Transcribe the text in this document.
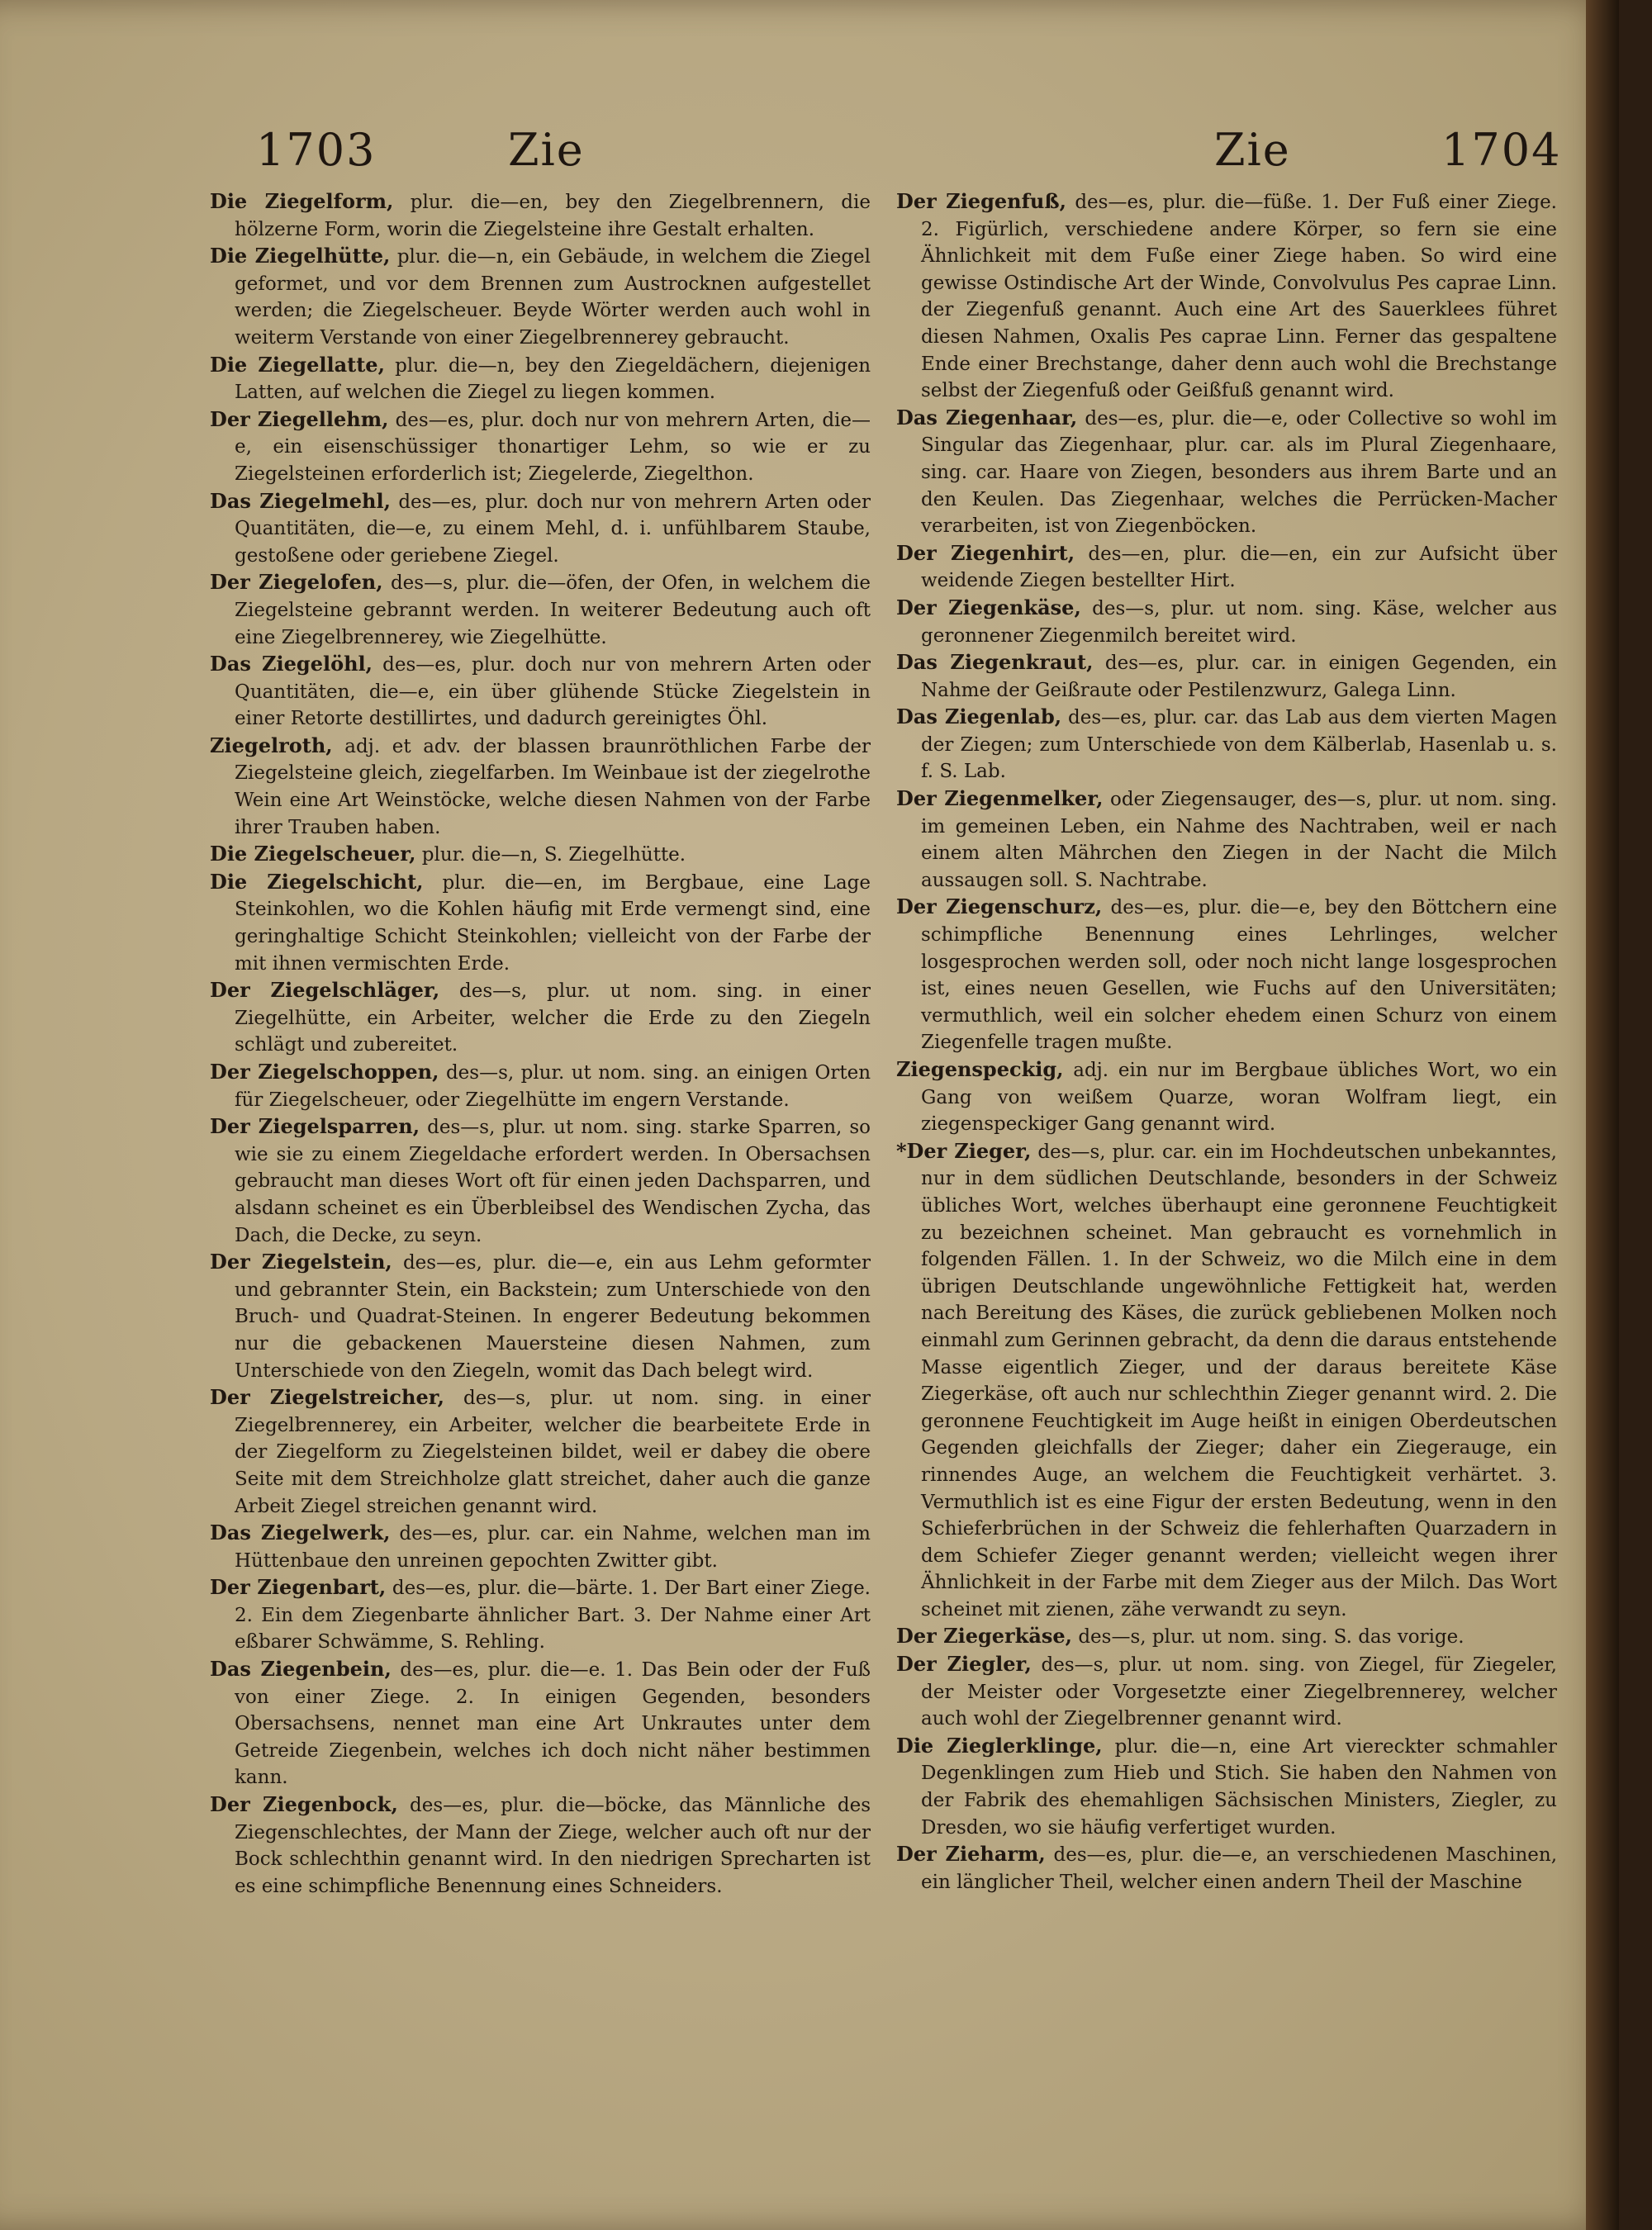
1703	Zie	Zie	1704

Die Ziegelform, plur. die—en, bey den Ziegelbrennern, die hölzerne Form, worin die Ziegelsteine ihre Gestalt erhalten.

Die Ziegelhütte, plur. die—n, ein Gebäude, in welchem die Ziegel geformet, und vor dem Brennen zum Austrocknen aufgestellet werden; die Ziegelscheuer. Beyde Wörter werden auch wohl in weiterm Verstande von einer Ziegelbrennerey gebraucht.

Die Ziegellatte, plur. die—n, bey den Ziegeldächern, diejenigen Latten, auf welchen die Ziegel zu liegen kommen.

Der Ziegellehm, des—es, plur. doch nur von mehrern Arten, die—e, ein eisenschüssiger thonartiger Lehm, so wie er zu Ziegelsteinen erforderlich ist; Ziegelerde, Ziegelthon.

Das Ziegelmehl, des—es, plur. doch nur von mehrern Arten oder Quantitäten, die—e, zu einem Mehl, d. i. unfühlbarem Staube, gestoßene oder geriebene Ziegel.

Der Ziegelofen, des—s, plur. die—öfen, der Ofen, in welchem die Ziegelsteine gebrannt werden. In weiterer Bedeutung auch oft eine Ziegelbrennerey, wie Ziegelhütte.

Das Ziegelöhl, des—es, plur. doch nur von mehrern Arten oder Quantitäten, die—e, ein über glühende Stücke Ziegelstein in einer Retorte destillirtes, und dadurch gereinigtes Öhl.

Ziegelroth, adj. et adv. der blassen braunröthlichen Farbe der Ziegelsteine gleich, ziegelfarben. Im Weinbaue ist der ziegelrothe Wein eine Art Weinstöcke, welche diesen Nahmen von der Farbe ihrer Trauben haben.

Die Ziegelscheuer, plur. die—n, S. Ziegelhütte.

Die Ziegelschicht, plur. die—en, im Bergbaue, eine Lage Steinkohlen, wo die Kohlen häufig mit Erde vermengt sind, eine geringhaltige Schicht Steinkohlen; vielleicht von der Farbe der mit ihnen vermischten Erde.

Der Ziegelschläger, des—s, plur. ut nom. sing. in einer Ziegelhütte, ein Arbeiter, welcher die Erde zu den Ziegeln schlägt und zubereitet.

Der Ziegelschoppen, des—s, plur. ut nom. sing. an einigen Orten für Ziegelscheuer, oder Ziegelhütte im engern Verstande.

Der Ziegelsparren, des—s, plur. ut nom. sing. starke Sparren, so wie sie zu einem Ziegeldache erfordert werden. In Obersachsen gebraucht man dieses Wort oft für einen jeden Dachsparren, und alsdann scheinet es ein Überbleibsel des Wendischen Zycha, das Dach, die Decke, zu seyn.

Der Ziegelstein, des—es, plur. die—e, ein aus Lehm geformter und gebrannter Stein, ein Backstein; zum Unterschiede von den Bruch- und Quadrat-Steinen. In engerer Bedeutung bekommen nur die gebackenen Mauersteine diesen Nahmen, zum Unterschiede von den Ziegeln, womit das Dach belegt wird.

Der Ziegelstreicher, des—s, plur. ut nom. sing. in einer Ziegelbrennerey, ein Arbeiter, welcher die bearbeitete Erde in der Ziegelform zu Ziegelsteinen bildet, weil er dabey die obere Seite mit dem Streichholze glatt streichet, daher auch die ganze Arbeit Ziegel streichen genannt wird.

Das Ziegelwerk, des—es, plur. car. ein Nahme, welchen man im Hüttenbaue den unreinen gepochten Zwitter gibt.

Der Ziegenbart, des—es, plur. die—bärte. 1. Der Bart einer Ziege. 2. Ein dem Ziegenbarte ähnlicher Bart. 3. Der Nahme einer Art eßbarer Schwämme, S. Rehling.

Das Ziegenbein, des—es, plur. die—e. 1. Das Bein oder der Fuß von einer Ziege. 2. In einigen Gegenden, besonders Obersachsens, nennet man eine Art Unkrautes unter dem Getreide Ziegenbein, welches ich doch nicht näher bestimmen kann.

Der Ziegenbock, des—es, plur. die—böcke, das Männliche des Ziegenschlechtes, der Mann der Ziege, welcher auch oft nur der Bock schlechthin genannt wird. In den niedrigen Sprecharten ist es eine schimpfliche Benennung eines Schneiders.

Der Ziegenfuß, des—es, plur. die—füße. 1. Der Fuß einer Ziege. 2. Figürlich, verschiedene andere Körper, so fern sie eine Ähnlichkeit mit dem Fuße einer Ziege haben. So wird eine gewisse Ostindische Art der Winde, Convolvulus Pes caprae Linn. der Ziegenfuß genannt. Auch eine Art des Sauerklees führet diesen Nahmen, Oxalis Pes caprae Linn. Ferner das gespaltene Ende einer Brechstange, daher denn auch wohl die Brechstange selbst der Ziegenfuß oder Geißfuß genannt wird.

Das Ziegenhaar, des—es, plur. die—e, oder Collective so wohl im Singular das Ziegenhaar, plur. car. als im Plural Ziegenhaare, sing. car. Haare von Ziegen, besonders aus ihrem Barte und an den Keulen. Das Ziegenhaar, welches die Perrücken-Macher verarbeiten, ist von Ziegenböcken.

Der Ziegenhirt, des—en, plur. die—en, ein zur Aufsicht über weidende Ziegen bestellter Hirt.

Der Ziegenkäse, des—s, plur. ut nom. sing. Käse, welcher aus geronnener Ziegenmilch bereitet wird.

Das Ziegenkraut, des—es, plur. car. in einigen Gegenden, ein Nahme der Geißraute oder Pestilenzwurz, Galega Linn.

Das Ziegenlab, des—es, plur. car. das Lab aus dem vierten Magen der Ziegen; zum Unterschiede von dem Kälberlab, Hasenlab u. s. f. S. Lab.

Der Ziegenmelker, oder Ziegensauger, des—s, plur. ut nom. sing. im gemeinen Leben, ein Nahme des Nachtraben, weil er nach einem alten Mährchen den Ziegen in der Nacht die Milch aussaugen soll. S. Nachtrabe.

Der Ziegenschurz, des—es, plur. die—e, bey den Böttchern eine schimpfliche Benennung eines Lehrlinges, welcher losgesprochen werden soll, oder noch nicht lange losgesprochen ist, eines neuen Gesellen, wie Fuchs auf den Universitäten; vermuthlich, weil ein solcher ehedem einen Schurz von einem Ziegenfelle tragen mußte.

Ziegenspeckig, adj. ein nur im Bergbaue übliches Wort, wo ein Gang von weißem Quarze, woran Wolfram liegt, ein ziegenspeckiger Gang genannt wird.

*Der Zieger, des—s, plur. car. ein im Hochdeutschen unbekanntes, nur in dem südlichen Deutschlande, besonders in der Schweiz übliches Wort, welches überhaupt eine geronnene Feuchtigkeit zu bezeichnen scheinet. Man gebraucht es vornehmlich in folgenden Fällen. 1. In der Schweiz, wo die Milch eine in dem übrigen Deutschlande ungewöhnliche Fettigkeit hat, werden nach Bereitung des Käses, die zurück gebliebenen Molken noch einmahl zum Gerinnen gebracht, da denn die daraus entstehende Masse eigentlich Zieger, und der daraus bereitete Käse Ziegerkäse, oft auch nur schlechthin Zieger genannt wird. 2. Die geronnene Feuchtigkeit im Auge heißt in einigen Oberdeutschen Gegenden gleichfalls der Zieger; daher ein Ziegerauge, ein rinnendes Auge, an welchem die Feuchtigkeit verhärtet. 3. Vermuthlich ist es eine Figur der ersten Bedeutung, wenn in den Schieferbrüchen in der Schweiz die fehlerhaften Quarzadern in dem Schiefer Zieger genannt werden; vielleicht wegen ihrer Ähnlichkeit in der Farbe mit dem Zieger aus der Milch. Das Wort scheinet mit zienen, zähe verwandt zu seyn.

Der Ziegerkäse, des—s, plur. ut nom. sing. S. das vorige.

Der Ziegler, des—s, plur. ut nom. sing. von Ziegel, für Ziegeler, der Meister oder Vorgesetzte einer Ziegelbrennerey, welcher auch wohl der Ziegelbrenner genannt wird.

Die Zieglerklinge, plur. die—n, eine Art viereckter schmahler Degenklingen zum Hieb und Stich. Sie haben den Nahmen von der Fabrik des ehemahligen Sächsischen Ministers, Ziegler, zu Dresden, wo sie häufig verfertiget wurden.

Der Zieharm, des—es, plur. die—e, an verschiedenen Maschinen, ein länglicher Theil, welcher einen andern Theil der Maschine
